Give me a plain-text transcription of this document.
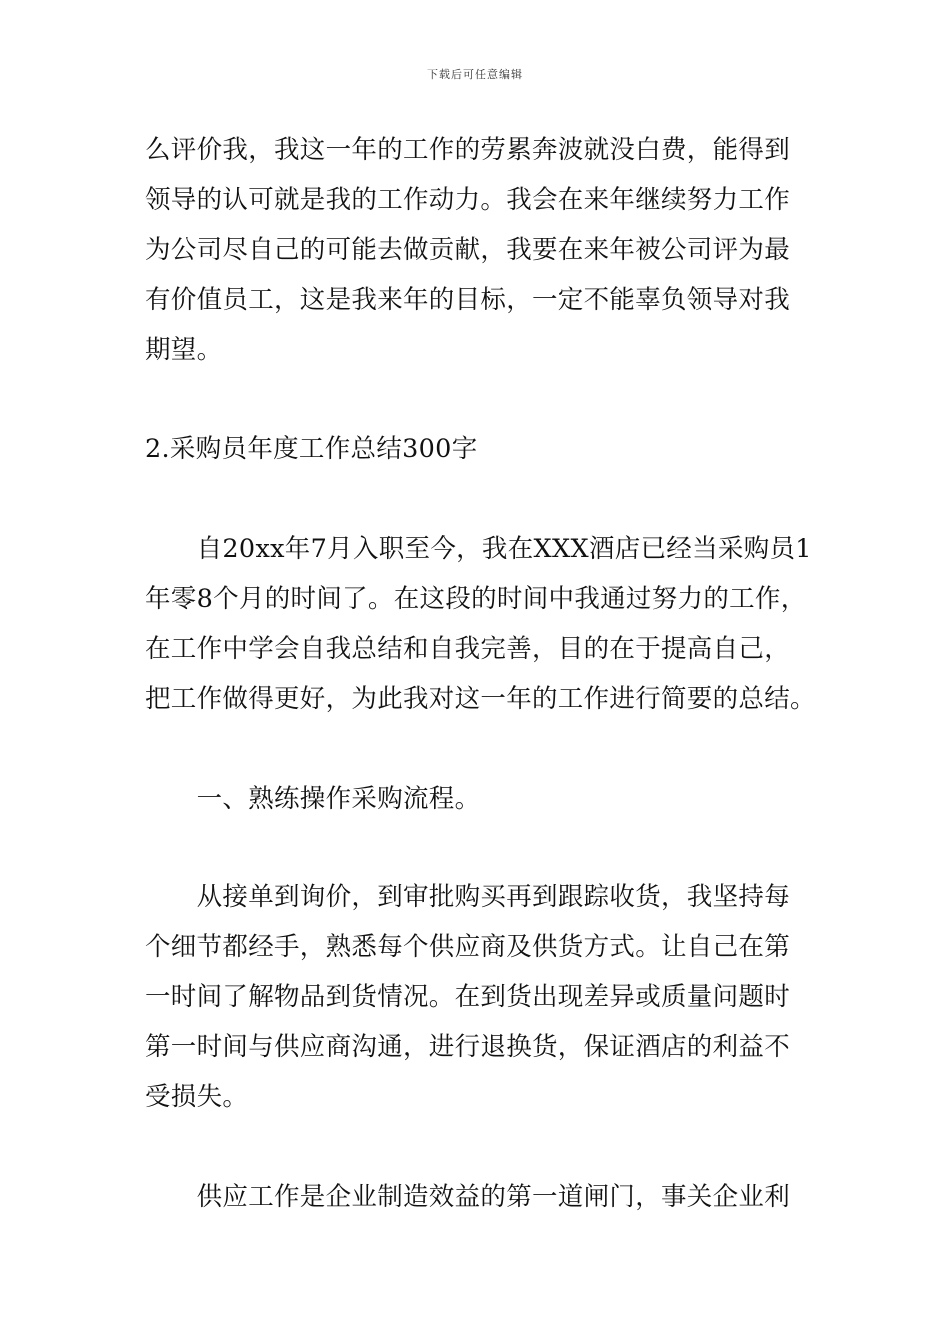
下载后可任意编辑
么评价我，我这一年的工作的劳累奔波就没白费，能得到
领导的认可就是我的工作动力。我会在来年继续努力工作
为公司尽自己的可能去做贡献，我要在来年被公司评为最
有价值员工，这是我来年的目标，一定不能辜负领导对我
期望。
2.采购员年度工作总结300字
　　自20xx年7月入职至今，我在XXX酒店已经当采购员1
年零8个月的时间了。在这段的时间中我通过努力的工作，
在工作中学会自我总结和自我完善，目的在于提高自己，
把工作做得更好，为此我对这一年的工作进行简要的总结。
　　一、熟练操作采购流程。
　　从接单到询价，到审批购买再到跟踪收货，我坚持每
个细节都经手，熟悉每个供应商及供货方式。让自己在第
一时间了解物品到货情况。在到货出现差异或质量问题时
第一时间与供应商沟通，进行退换货，保证酒店的利益不
受损失。
　　供应工作是企业制造效益的第一道闸门，事关企业利
